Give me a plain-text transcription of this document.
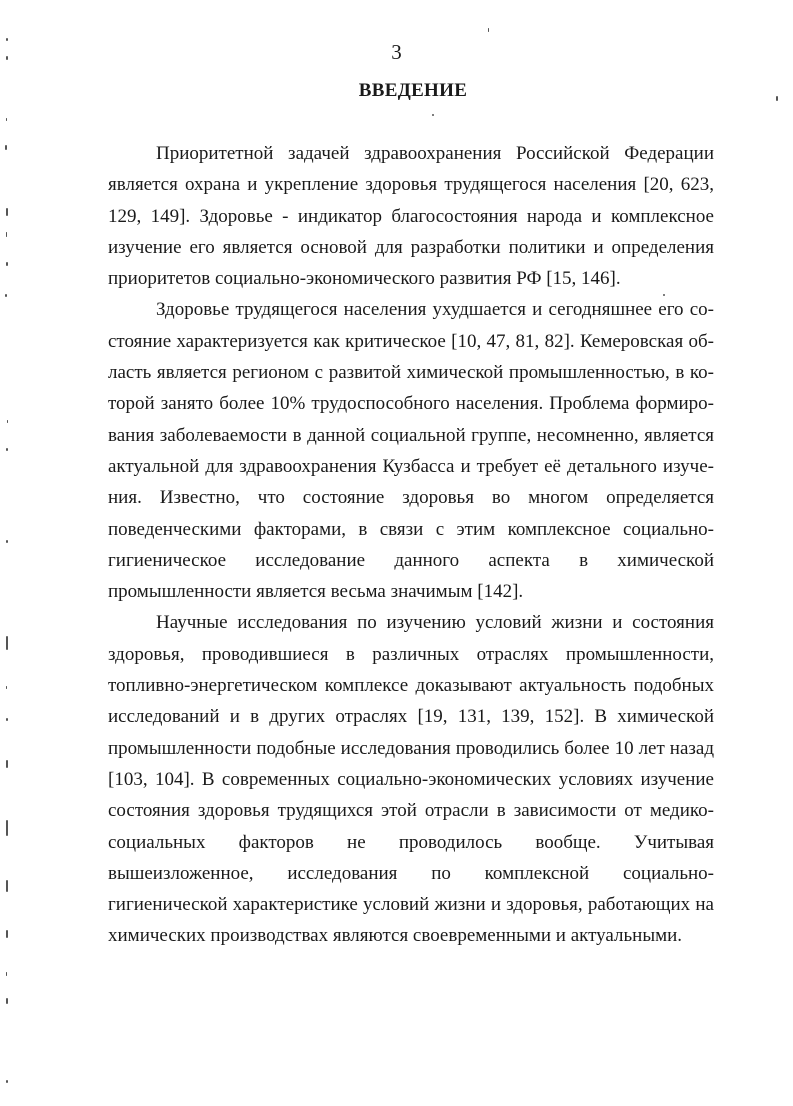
3
ВВЕДЕНИЕ

Приоритетной задачей здравоохранения Российской Федерации является охрана и укрепление здоровья трудящегося населения [20, 623, 129, 149]. Здоровье - индикатор благосостояния народа и комплексное изучение его является основой для разработки политики и определения приоритетов социально-экономического развития РФ [15, 146].

Здоровье трудящегося населения ухудшается и сегодняшнее его состояние характеризуется как критическое [10, 47, 81, 82]. Кемеровская область является регионом с развитой химической промышленностью, в которой занято более 10% трудоспособного населения. Проблема формирования заболеваемости в данной социальной группе, несомненно, является актуальной для здравоохранения Кузбасса и требует её детального изучения. Известно, что состояние здоровья во многом определяется поведенческими факторами, в связи с этим комплексное социально-гигиеническое исследование данного аспекта в химической промышленности является весьма значимым [142].

Научные исследования по изучению условий жизни и состояния здоровья, проводившиеся в различных отраслях промышленности, топливно-энергетическом комплексе доказывают актуальность подобных исследований и в других отраслях [19, 131, 139, 152]. В химической промышленности подобные исследования проводились более 10 лет назад [103, 104]. В современных социально-экономических условиях изучение состояния здоровья трудящихся этой отрасли в зависимости от медико-социальных факторов не проводилось вообще. Учитывая вышеизложенное, исследования по комплексной социально-гигиенической характеристике условий жизни и здоровья, работающих на химических производствах являются своевременными и актуальными.
